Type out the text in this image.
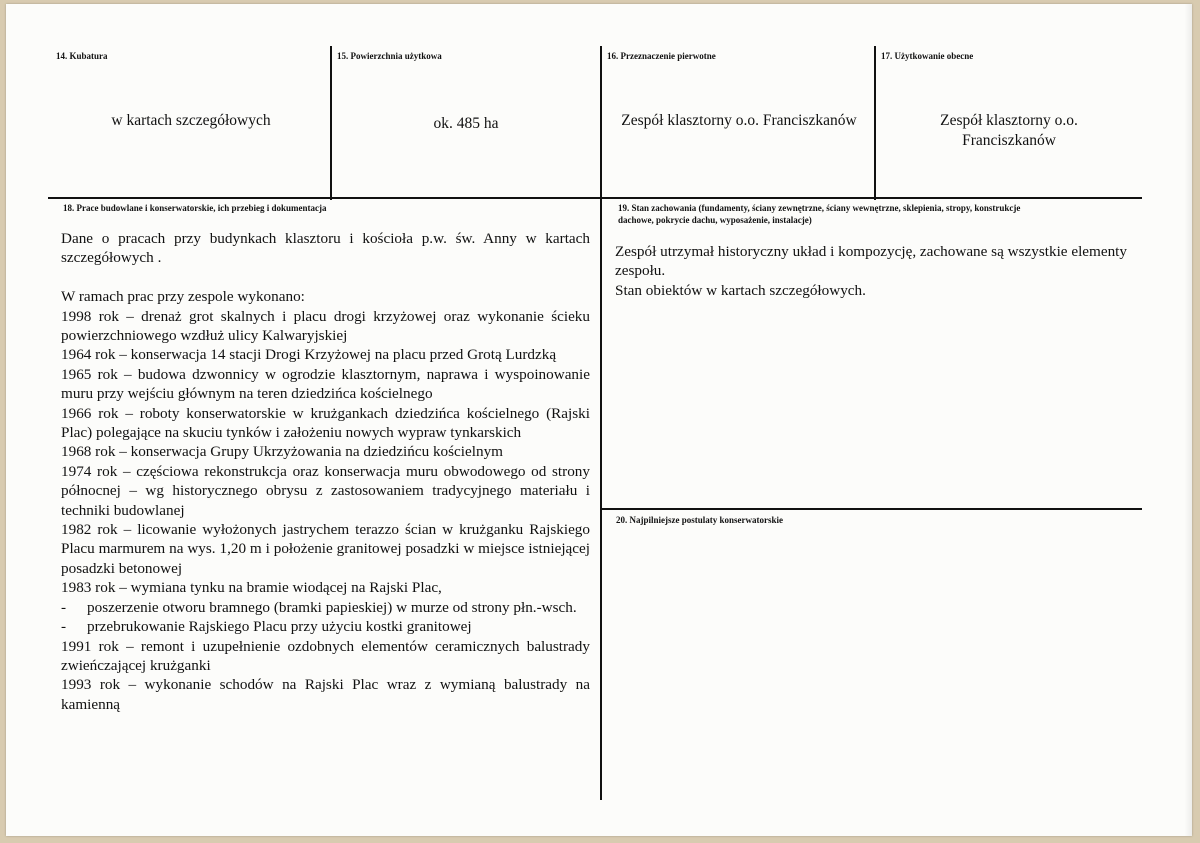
14. Kubatura
w kartach szczegółowych
15. Powierzchnia użytkowa
ok. 485 ha
16. Przeznaczenie pierwotne
Zespół klasztorny o.o. Franciszkanów
17. Użytkowanie obecne
Zespół klasztorny o.o.
Franciszkanów
18. Prace budowlane i konserwatorskie, ich przebieg i dokumentacja

Dane o pracach przy budynkach klasztoru i kościoła p.w. św. Anny w kartach szczegółowych .

W ramach prac przy zespole wykonano:

1998 rok – drenaż grot skalnych i placu drogi krzyżowej oraz wykonanie ścieku powierzchniowego wzdłuż ulicy Kalwaryjskiej

1964 rok – konserwacja 14 stacji Drogi Krzyżowej na placu przed Grotą Lurdzką

1965 rok – budowa dzwonnicy w ogrodzie klasztornym, naprawa i wyspoinowanie muru przy wejściu głównym na teren dziedzińca kościelnego

1966 rok – roboty konserwatorskie w krużgankach dziedzińca kościelnego (Rajski Plac) polegające na skuciu tynków i założeniu nowych wypraw tynkarskich

1968 rok – konserwacja Grupy Ukrzyżowania na dziedzińcu kościelnym

1974 rok – częściowa rekonstrukcja oraz konserwacja muru obwodowego od strony północnej – wg historycznego obrysu z zastosowaniem tradycyjnego materiału i techniki budowlanej

1982 rok – licowanie wyłożonych jastrychem terazzo ścian w krużganku Rajskiego Placu marmurem na wys. 1,20 m i położenie granitowej posadzki w miejsce istniejącej posadzki betonowej

1983 rok – wymiana tynku na bramie wiodącej na Rajski Plac,

- poszerzenie otworu bramnego (bramki papieskiej) w murze od strony płn.-wsch.

- przebrukowanie Rajskiego Placu przy użyciu kostki granitowej

1991 rok – remont i uzupełnienie ozdobnych elementów ceramicznych balustrady zwieńczającej krużganki

1993 rok – wykonanie schodów na Rajski Plac wraz z wymianą balustrady na kamienną

19. Stan zachowania (fundamenty, ściany zewnętrzne, ściany wewnętrzne, sklepienia, stropy, konstrukcje
dachowe, pokrycie dachu, wyposażenie, instalacje)

Zespół utrzymał historyczny układ i kompozycję, zachowane są wszystkie elementy zespołu.

Stan obiektów w kartach szczegółowych.

20. Najpilniejsze postulaty konserwatorskie
